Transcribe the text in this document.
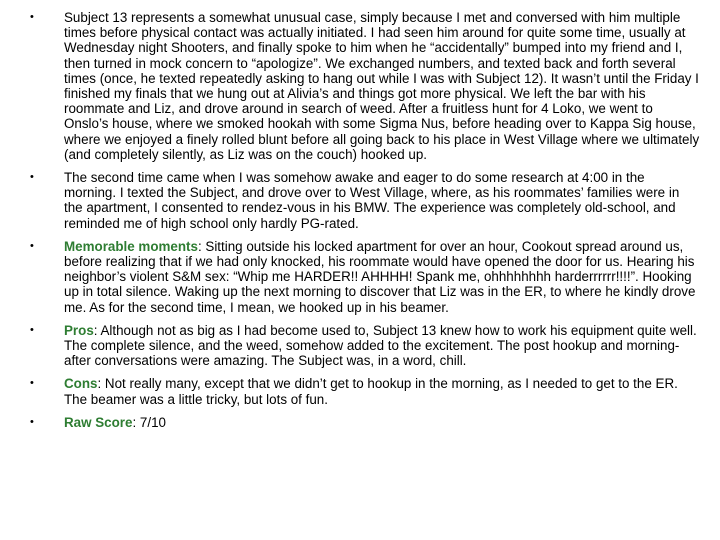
• Subject 13 represents a somewhat unusual case, simply because I met and conversed with him multiple times before physical contact was actually initiated. I had seen him around for quite some time, usually at Wednesday night Shooters, and finally spoke to him when he “accidentally” bumped into my friend and I, then turned in mock concern to “apologize”. We exchanged numbers, and texted back and forth several times (once, he texted repeatedly asking to hang out while I was with Subject 12). It wasn’t until the Friday I finished my finals that we hung out at Alivia’s and things got more physical. We left the bar with his roommate and Liz, and drove around in search of weed. After a fruitless hunt for 4 Loko, we went to Onslo’s house, where we smoked hookah with some Sigma Nus, before heading over to Kappa Sig house, where we enjoyed a finely rolled blunt before all going back to his place in West Village where we ultimately (and completely silently, as Liz was on the couch) hooked up.
• The second time came when I was somehow awake and eager to do some research at 4:00 in the morning. I texted the Subject, and drove over to West Village, where, as his roommates’ families were in the apartment, I consented to rendez-vous in his BMW. The experience was completely old-school, and reminded me of high school only hardly PG-rated.
• Memorable moments: Sitting outside his locked apartment for over an hour, Cookout spread around us, before realizing that if we had only knocked, his roommate would have opened the door for us. Hearing his neighbor’s violent S&M sex: “Whip me HARDER!! AHHHH! Spank me, ohhhhhhhh harderrrrrr!!!!”. Hooking up in total silence. Waking up the next morning to discover that Liz was in the ER, to where he kindly drove me. As for the second time, I mean, we hooked up in his beamer.
• Pros: Although not as big as I had become used to, Subject 13 knew how to work his equipment quite well. The complete silence, and the weed, somehow added to the excitement. The post hookup and morning-after conversations were amazing. The Subject was, in a word, chill.
• Cons: Not really many, except that we didn’t get to hookup in the morning, as I needed to get to the ER. The beamer was a little tricky, but lots of fun.
• Raw Score: 7/10
